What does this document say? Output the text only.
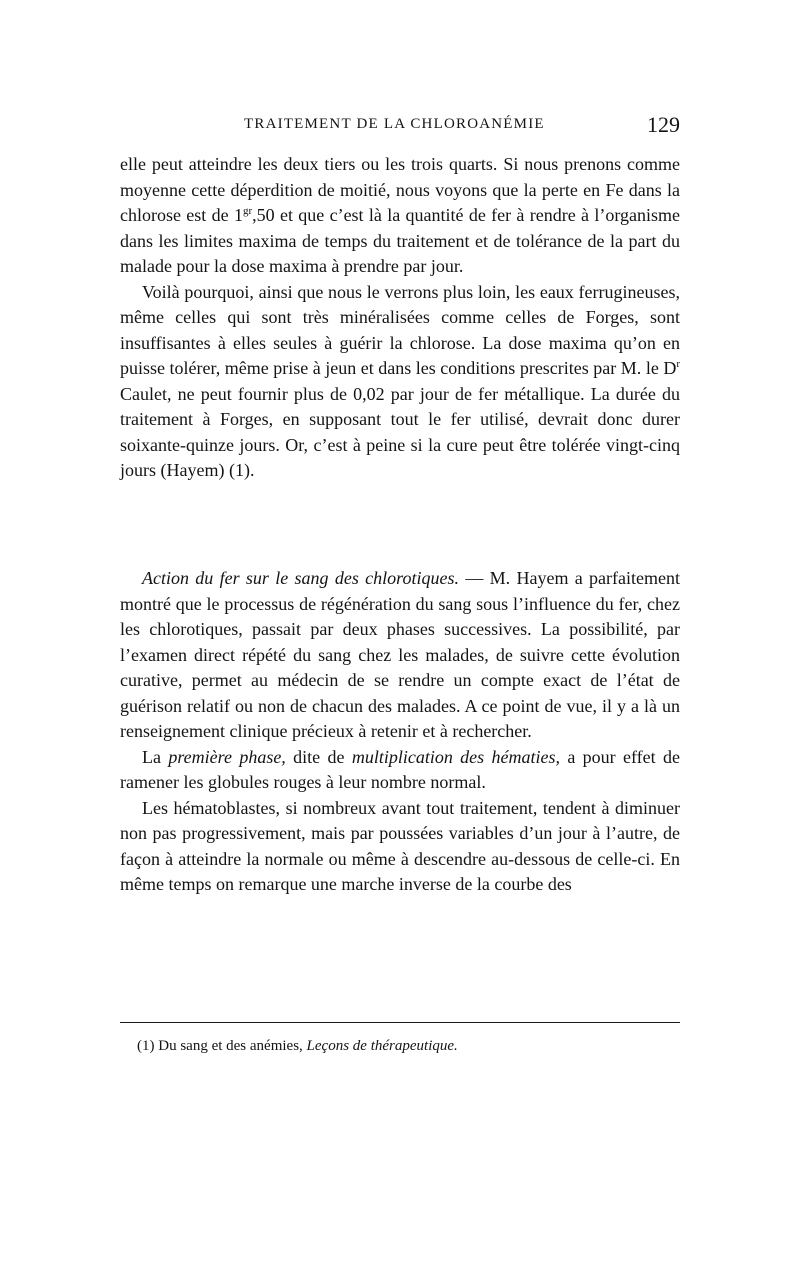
TRAITEMENT DE LA CHLOROANÉMIE	129

elle peut atteindre les deux tiers ou les trois quarts. Si nous prenons comme moyenne cette déperdition de moitié, nous voyons que la perte en Fe dans la chlorose est de $1^{gr},50$ et que c’est là la quantité de fer à rendre à l’organisme dans les limites maxima de temps du traitement et de tolérance de la part du malade pour la dose maxima à prendre par jour.

Voilà pourquoi, ainsi que nous le verrons plus loin, les eaux ferrugineuses, même celles qui sont très minéralisées comme celles de Forges, sont insuffisantes à elles seules à guérir la chlorose. La dose maxima qu’on en puisse tolérer, même prise à jeun et dans les conditions prescrites par M. le $D^r$ Caulet, ne peut fournir plus de 0,02 par jour de fer métallique. La durée du traitement à Forges, en supposant tout le fer utilisé, devrait donc durer soixante-quinze jours. Or, c’est à peine si la cure peut être tolérée vingt-cinq jours (Hayem) (1).

Action du fer sur le sang des chlorotiques. — M. Hayem a parfaitement montré que le processus de régénération du sang sous l’influence du fer, chez les chlorotiques, passait par deux phases successives. La possibilité, par l’examen direct répété du sang chez les malades, de suivre cette évolution curative, permet au médecin de se rendre un compte exact de l’état de guérison relatif ou non de chacun des malades. A ce point de vue, il y a là un renseignement clinique précieux à retenir et à rechercher.

La première phase, dite de multiplication des hématies, a pour effet de ramener les globules rouges à leur nombre normal.

Les hématoblastes, si nombreux avant tout traitement, tendent à diminuer non pas progressivement, mais par poussées variables d’un jour à l’autre, de façon à atteindre la normale ou même à descendre au-dessous de celle-ci. En même temps on remarque une marche inverse de la courbe des

(1) Du sang et des anémies, Leçons de thérapeutique.
